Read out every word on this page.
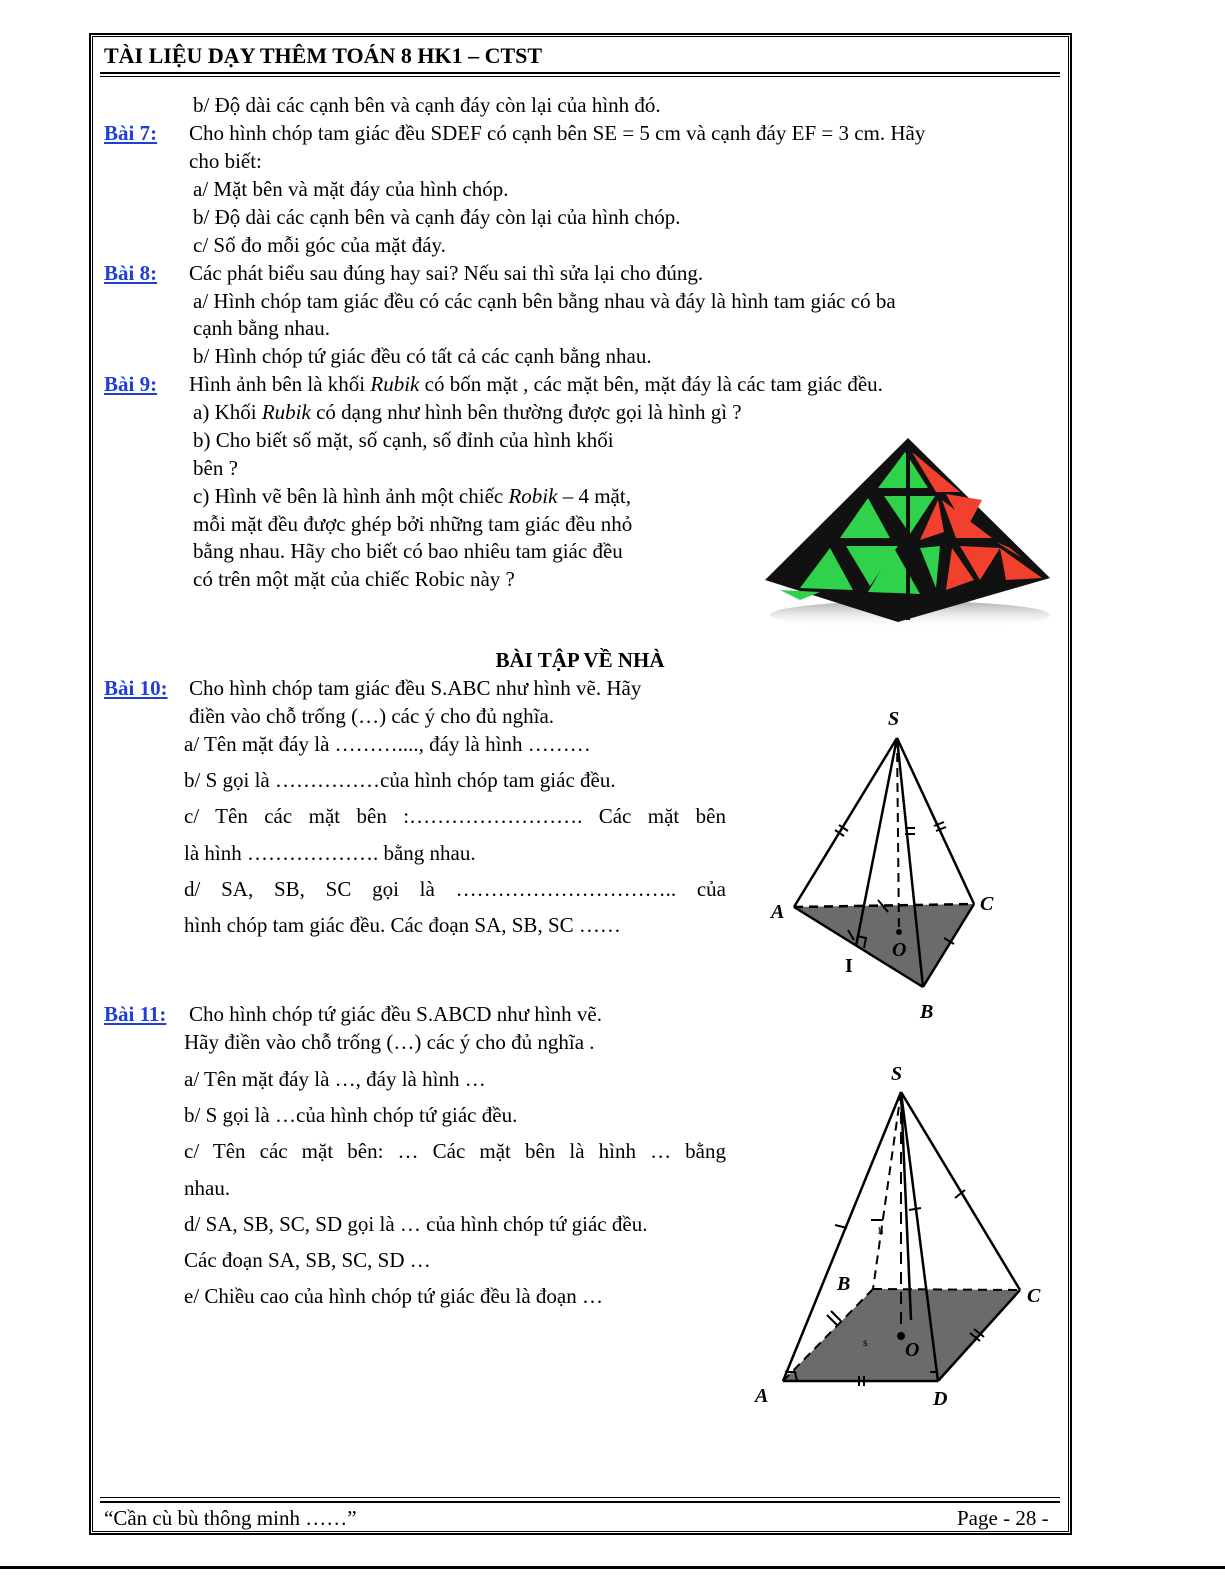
TÀI LIỆU DẠY THÊM TOÁN 8 HK1 – CTST
b/ Độ dài các cạnh bên và cạnh đáy còn lại của hình đó.
Bài 7: Cho hình chóp tam giác đều SDEF có cạnh bên SE = 5 cm và cạnh đáy EF = 3 cm. Hãy
cho biết:
a/ Mặt bên và mặt đáy của hình chóp.
b/ Độ dài các cạnh bên và cạnh đáy còn lại của hình chóp.
c/ Số đo mỗi góc của mặt đáy.
Bài 8: Các phát biểu sau đúng hay sai? Nếu sai thì sửa lại cho đúng.
a/ Hình chóp tam giác đều có các cạnh bên bằng nhau và đáy là hình tam giác có ba
cạnh bằng nhau.
b/ Hình chóp tứ giác đều có tất cả các cạnh bằng nhau.
Bài 9: Hình ảnh bên là khối Rubik có bốn mặt , các mặt bên, mặt đáy là các tam giác đều.
a) Khối Rubik có dạng như hình bên thường được gọi là hình gì ?
b) Cho biết số mặt, số cạnh, số đỉnh của hình khối
bên ?
c) Hình vẽ bên là hình ảnh một chiếc Robik – 4 mặt,
mỗi mặt đều được ghép bởi những tam giác đều nhỏ
bằng nhau. Hãy cho biết có bao nhiêu tam giác đều
có trên một mặt của chiếc Robic này ?
BÀI TẬP VỀ NHÀ
Bài 10: Cho hình chóp tam giác đều S.ABC như hình vẽ. Hãy
điền vào chỗ trống (…) các ý cho đủ nghĩa.
a/ Tên mặt đáy là ………...., đáy là hình ………
b/ S gọi là ……………của hình chóp tam giác đều.
c/ Tên các mặt bên :……………………. Các mặt bên
là hình ………………. bằng nhau.
d/ SA, SB, SC gọi là ………………………….. của
hình chóp tam giác đều. Các đoạn SA, SB, SC ……
S
A	C
O
I
B
Bài 11: Cho hình chóp tứ giác đều S.ABCD như hình vẽ.
Hãy điền vào chỗ trống (…) các ý cho đủ nghĩa .
a/ Tên mặt đáy là …, đáy là hình …
b/ S gọi là …của hình chóp tứ giác đều.
c/ Tên các mặt bên: … Các mặt bên là hình … bằng
nhau.
d/ SA, SB, SC, SD gọi là … của hình chóp tứ giác đều.
Các đoạn SA, SB, SC, SD …
e/ Chiều cao của hình chóp tứ giác đều là đoạn …
S
B
C
A	D
O
h
s
“Cần cù bù thông minh ……”	Page - 28 -
